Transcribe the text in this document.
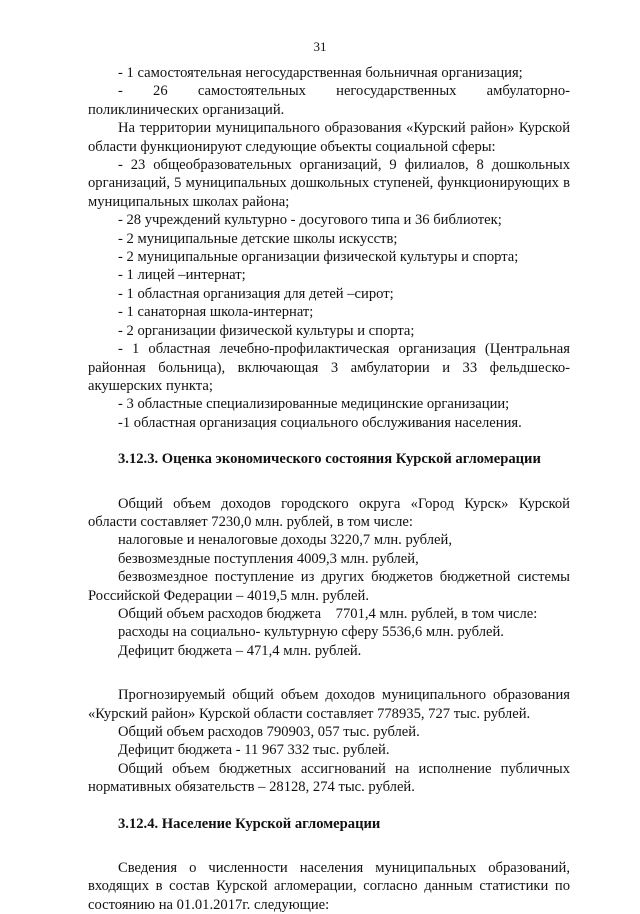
31

- 1 самостоятельная негосударственная больничная организация;

- 26 самостоятельных негосударственных амбулаторно-поликлинических организаций.

На территории муниципального образования «Курский район» Курской области функционируют следующие объекты социальной сферы:

- 23 общеобразовательных организаций, 9 филиалов, 8 дошкольных организаций, 5 муниципальных дошкольных ступеней, функционирующих в муниципальных школах района;

- 28 учреждений культурно - досугового типа и 36 библиотек;

- 2 муниципальные детские школы искусств;

- 2 муниципальные организации физической культуры и спорта;

- 1 лицей –интернат;

- 1 областная организация для детей –сирот;

- 1 санаторная школа-интернат;

- 2 организации физической культуры и спорта;

- 1 областная лечебно-профилактическая организация (Центральная районная больница), включающая 3 амбулатории и 33 фельдшеско-акушерских пункта;

- 3 областные специализированные медицинские организации;

-1 областная организация социального обслуживания населения.

3.12.3. Оценка экономического состояния Курской агломерации

Общий объем доходов городского округа «Город Курск» Курской области составляет 7230,0 млн. рублей, в том числе:

налоговые и неналоговые доходы 3220,7 млн. рублей,

безвозмездные поступления 4009,3 млн. рублей,

безвозмездное поступление из других бюджетов бюджетной системы Российской Федерации – 4019,5 млн. рублей.

Общий объем расходов бюджета    7701,4 млн. рублей, в том числе:

расходы на социально- культурную сферу 5536,6 млн. рублей.

Дефицит бюджета – 471,4 млн. рублей.

Прогнозируемый общий объем доходов муниципального образования «Курский район» Курской области составляет 778935, 727 тыс. рублей.

Общий объем расходов 790903, 057 тыс. рублей.

Дефицит бюджета - 11 967 332 тыс. рублей.

Общий объем бюджетных ассигнований на исполнение публичных нормативных обязательств – 28128, 274 тыс. рублей.

3.12.4. Население Курской агломерации

Сведения о численности населения муниципальных образований, входящих в состав Курской агломерации, согласно данным статистики по состоянию на 01.01.2017г. следующие:
